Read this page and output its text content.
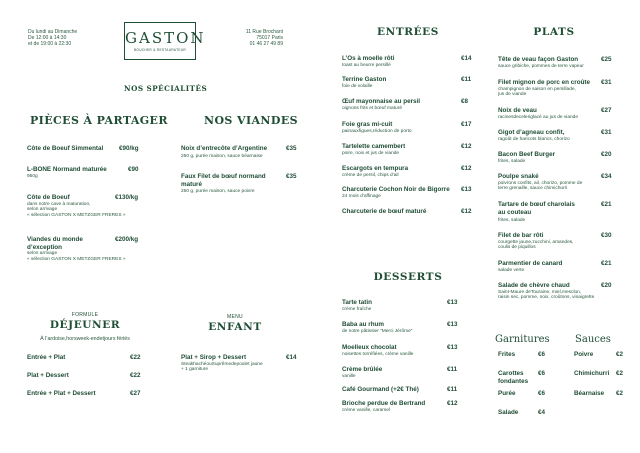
Du lundi au Dimanche
De 12:00 à 14:30
et de 19:00 à 22:30	GASTON
BOUCHER & RESTAURATEUR
11 Rue Brochant
75017 Paris
01 46 27 49 89
NOS SPÉCIALITÉS
PIÈCES À PARTAGER
Côte de Boeuf Simmental	€90/kg
L-BONE Normand maturée
950g
€90
Côte de Boeuf
dans notre cave à maturation,
selon arrivage
« sélection GASTON X METZGER FRERES »
€130/kg
Viandes du monde
d’exception
selon arrivage
« sélection GASTON X METZGER FRERES »
€200/kg
NOS VIANDES
Noix d’entrecôte d’Argentine
250 g, purée maison, sauce béarnaise
€35
Faux Filet de bœuf normand
maturé
250 g, purée maison, sauce poivre
€35
FORMULE
DÉJEUNER
À l’ardoise,horsweek-endetjours fériés
Entrée + Plat	€22
Plat + Dessert	€22
Entrée + Plat + Dessert	€27
MENU
ENFANT
Plat + Sirop + Dessert
SteakhachéouSuprêmedepoulet jaune
+ 1 garniture
€14
ENTRÉES
L’Os à moelle rôti
toast au beurre persillé
€14
Terrine Gaston
foie de volaille
€11
Œuf mayonnaise au persil
oignons frits et bœuf maturé
€8
Foie gras mi-cuit
painauxfigues,réduction de porto
€17
Tartelette camembert
poire, noix et jus de viande
€12
Escargots en tempura
crème de persil, chips d’ail
€12
Charcuterie Cochon Noir de Bigorre
24 mois d’affinage
€13
Charcuterie de bœuf maturé	€12
DESSERTS
Tarte tatin
crème fraîche
€13
Baba au rhum
de notre pâtissier “Merci Jérôme”
€13
Moelleux chocolat
noisettes torréfiées, crème vanille
€13
Crème brûlée
vanille
€11
Café Gourmand (+2€ Thé)	€11
Brioche perdue de Bertrand
crème vanille, caramel
€12
PLATS
Tête de veau façon Gaston
sauce gribiche, pommes de terre vapeur
€25
Filet mignon de porc en croûte
champignon de saison en persillade,
jus de viande
€31
Noix de veau
racinesdeceleriglacé au jus de viande
€27
Gigot d’agneau confit,
ragoût de haricots blancs, chorizo
€31
Bacon Beef Burger
frites, salade
€20
Poulpe snaké
poivrons confits, ail, chorizo, pomme de
terre grenaille, sauce chimichurri
€34
Tartare de bœuf charolais
au couteau
frites, salade
€21
Filet de bar rôti
courgette jaune,zucchini, amandes,
coulis de piquillos
€30
Parmentier de canard
salade verte
€21
Salade de chèvre chaud
Saint-Maure deTouraine, miel,mesclun,
raisin sec, pomme, noix, croûtons, vinaigrette
€20
Garnitures
Frites	€6
Carottes
fondantes
€6
Purée	€6
Salade	€4
Sauces
Poivre	€2
Chimichurri	€2
Béarnaise	€2
